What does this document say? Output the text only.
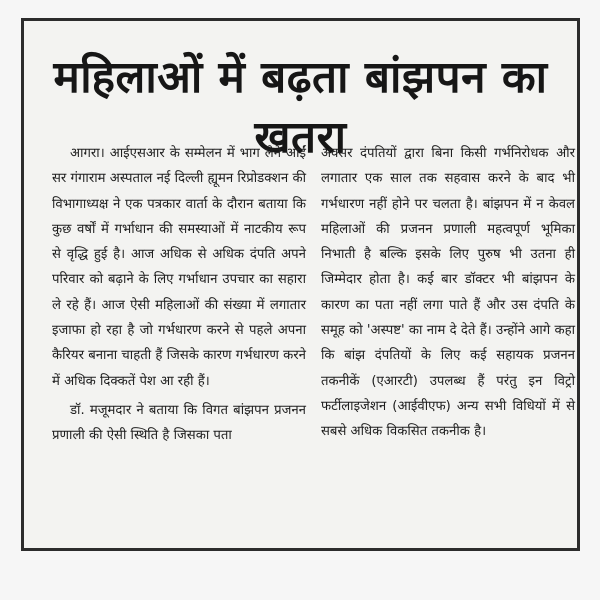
महिलाओं में बढ़ता बांझपन का खतरा

आगरा। आईएसआर के सम्मेलन में भाग लेने आईं सर गंगाराम अस्पताल नई दिल्ली ह्यूमन रिप्रोडक्शन की विभागाध्यक्ष ने एक पत्रकार वार्ता के दौरान बताया कि कुछ वर्षों में गर्भाधान की समस्याओं में नाटकीय रूप से वृद्धि हुई है। आज अधिक से अधिक दंपति अपने परिवार को बढ़ाने के लिए गर्भाधान उपचार का सहारा ले रहे हैं। आज ऐसी महिलाओं की संख्या में लगातार इजाफा हो रहा है जो गर्भधारण करने से पहले अपना कैरियर बनाना चाहती हैं जिसके कारण गर्भधारण करने में अधिक दिक्कतें पेश आ रही हैं।

डॉ. मजूमदार ने बताया कि विगत बांझपन प्रजनन प्रणाली की ऐसी स्थिति है जिसका पता

अक्सर दंपतियों द्वारा बिना किसी गर्भनिरोधक और लगातार एक साल तक सहवास करने के बाद भी गर्भधारण नहीं होने पर चलता है। बांझपन में न केवल महिलाओं की प्रजनन प्रणाली महत्वपूर्ण भूमिका निभाती है बल्कि इसके लिए पुरुष भी उतना ही जिम्मेदार होता है। कई बार डॉक्टर भी बांझपन के कारण का पता नहीं लगा पाते हैं और उस दंपति के समूह को 'अस्पष्ट' का नाम दे देते हैं। उन्होंने आगे कहा कि बांझ दंपतियों के लिए कई सहायक प्रजनन तकनीकें (एआरटी) उपलब्ध हैं परंतु इन विट्रो फर्टीलाइजेशन (आईवीएफ) अन्य सभी विधियों में से सबसे अधिक विकसित तकनीक है।
